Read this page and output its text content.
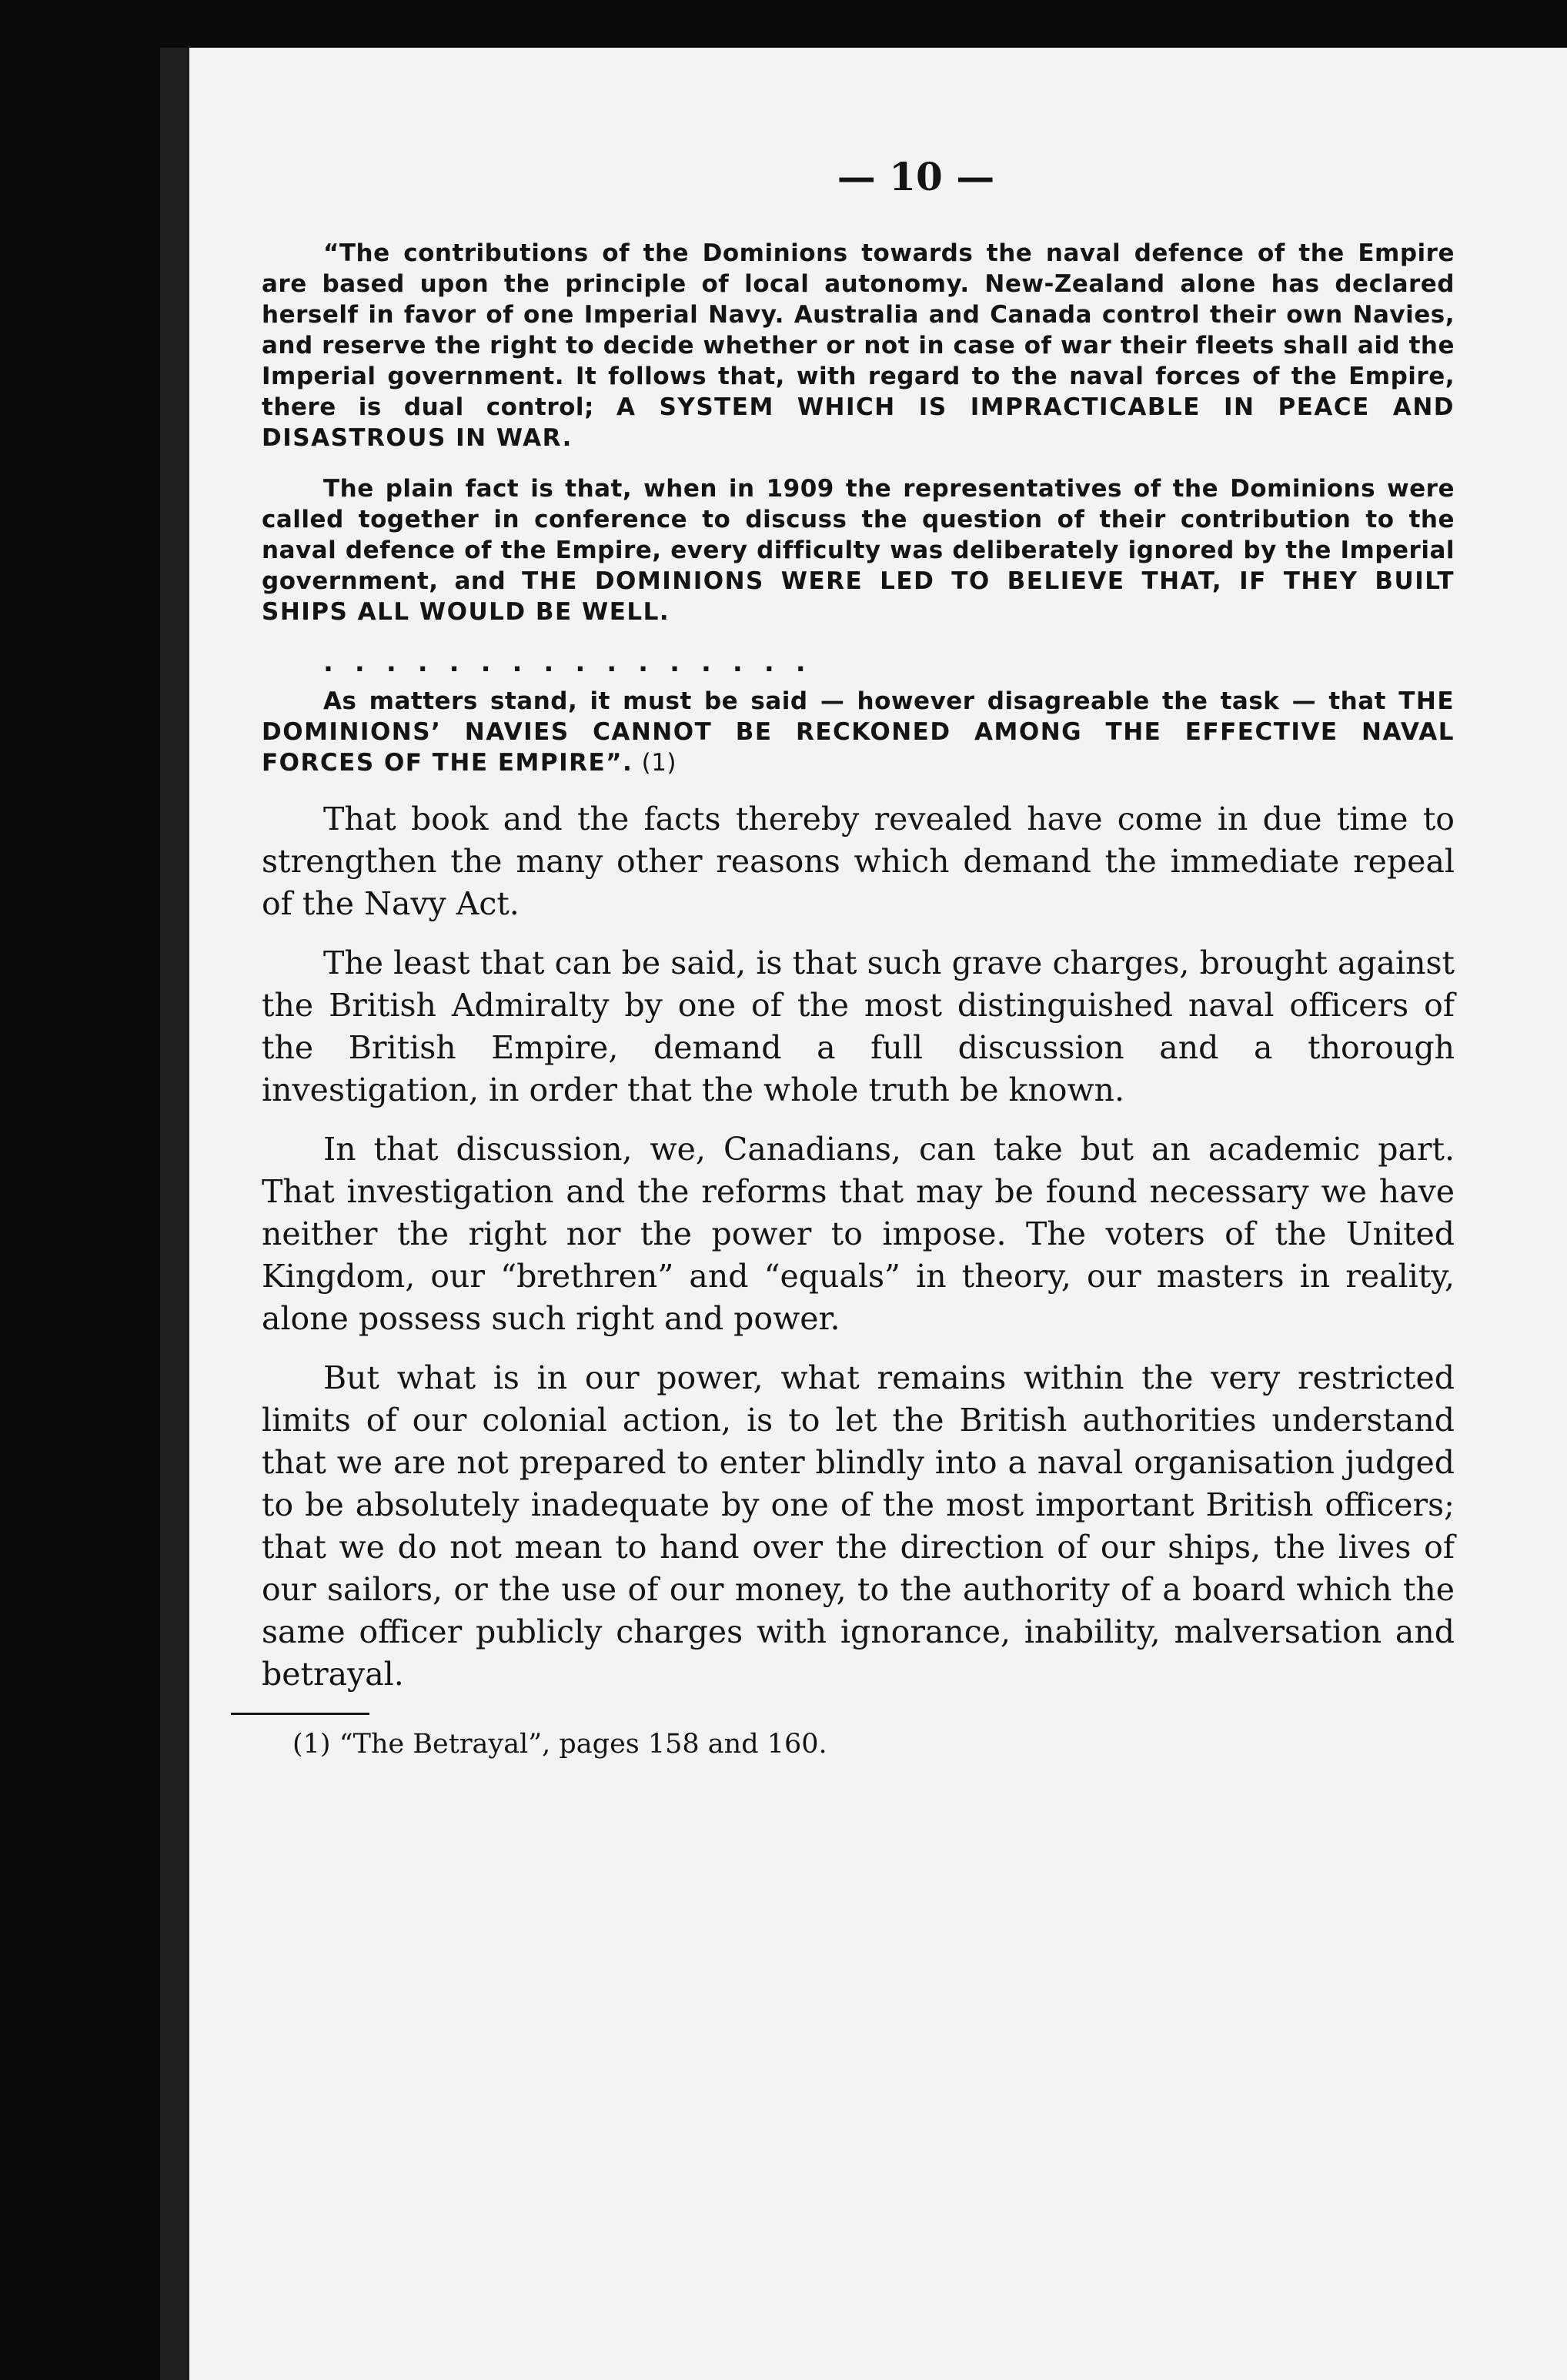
— 10 —

“The contributions of the Dominions towards the naval defence of the Empire are based upon the principle of local autonomy. New-Zealand alone has declared herself in favor of one Imperial Navy. Australia and Canada control their own Navies, and reserve the right to decide whether or not in case of war their fleets shall aid the Imperial government. It follows that, with regard to the naval forces of the Empire, there is dual control; A SYSTEM WHICH IS IMPRACTICABLE IN PEACE AND DISASTROUS IN WAR.

The plain fact is that, when in 1909 the representatives of the Dominions were called together in conference to discuss the question of their contribution to the naval defence of the Empire, every difficulty was deliberately ignored by the Imperial government, and THE DOMINIONS WERE LED TO BELIEVE THAT, IF THEY BUILT SHIPS ALL WOULD BE WELL.

................

As matters stand, it must be said — however disagreable the task — that THE DOMINIONS’ NAVIES CANNOT BE RECKONED AMONG THE EFFECTIVE NAVAL FORCES OF THE EMPIRE”. (1)

That book and the facts thereby revealed have come in due time to strengthen the many other reasons which demand the immediate repeal of the Navy Act.

The least that can be said, is that such grave charges, brought against the British Admiralty by one of the most distinguished naval officers of the British Empire, demand a full discussion and a thorough investigation, in order that the whole truth be known.

In that discussion, we, Canadians, can take but an academic part. That investigation and the reforms that may be found necessary we have neither the right nor the power to impose. The voters of the United Kingdom, our “brethren” and “equals” in theory, our masters in reality, alone possess such right and power.

But what is in our power, what remains within the very restricted limits of our colonial action, is to let the British authorities understand that we are not prepared to enter blindly into a naval organisation judged to be absolutely inadequate by one of the most important British officers; that we do not mean to hand over the direction of our ships, the lives of our sailors, or the use of our money, to the authority of a board which the same officer publicly charges with ignorance, inability, malversation and betrayal.

(1) “The Betrayal”, pages 158 and 160.
